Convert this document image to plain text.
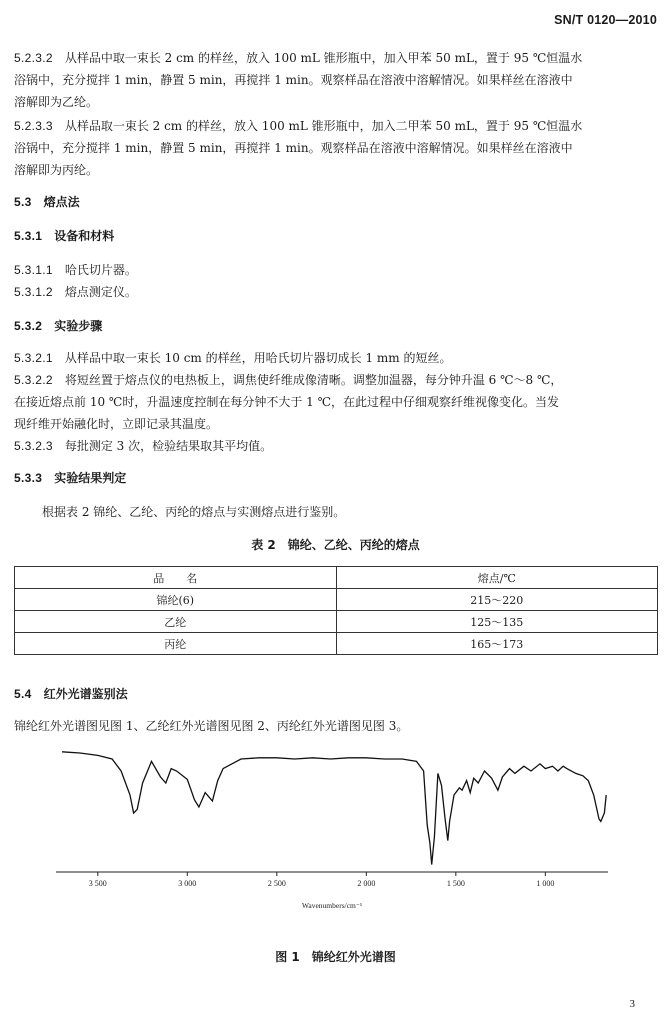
SN/T 0120—2010
5.2.3.2 从样品中取一束长 2 cm 的样丝，放入 100 mL 锥形瓶中，加入甲苯 50 mL，置于 95 ℃恒温水
浴锅中，充分搅拌 1 min，静置 5 min，再搅拌 1 min。观察样品在溶液中溶解情况。如果样丝在溶液中
溶解即为乙纶。
5.2.3.3 从样品取一束长 2 cm 的样丝，放入 100 mL 锥形瓶中，加入二甲苯 50 mL，置于 95 ℃恒温水
浴锅中，充分搅拌 1 min，静置 5 min，再搅拌 1 min。观察样品在溶液中溶解情况。如果样丝在溶液中
溶解即为丙纶。
5.3 熔点法
5.3.1 设备和材料
5.3.1.1 哈氏切片器。
5.3.1.2 熔点测定仪。
5.3.2 实验步骤
5.3.2.1 从样品中取一束长 10 cm 的样丝，用哈氏切片器切成长 1 mm 的短丝。
5.3.2.2 将短丝置于熔点仪的电热板上，调焦使纤维成像清晰。调整加温器，每分钟升温 6 ℃～8 ℃，
在接近熔点前 10 ℃时，升温速度控制在每分钟不大于 1 ℃，在此过程中仔细观察纤维视像变化。当发
现纤维开始融化时，立即记录其温度。
5.3.2.3 每批测定 3 次，检验结果取其平均值。
5.3.3 实验结果判定
根据表 2 锦纶、乙纶、丙纶的熔点与实测熔点进行鉴别。
表 2　锦纶、乙纶、丙纶的熔点
品　　名	熔点/℃
锦纶(6)	215～220
乙纶	125～135
丙纶	165～173
5.4 红外光谱鉴别法
锦纶红外光谱图见图 1、乙纶红外光谱图见图 2、丙纶红外光谱图见图 3。
3 500	3 000	2 500	2 000	1 500	1 000
Wavenumbers/cm⁻¹
图 1　锦纶红外光谱图
3
